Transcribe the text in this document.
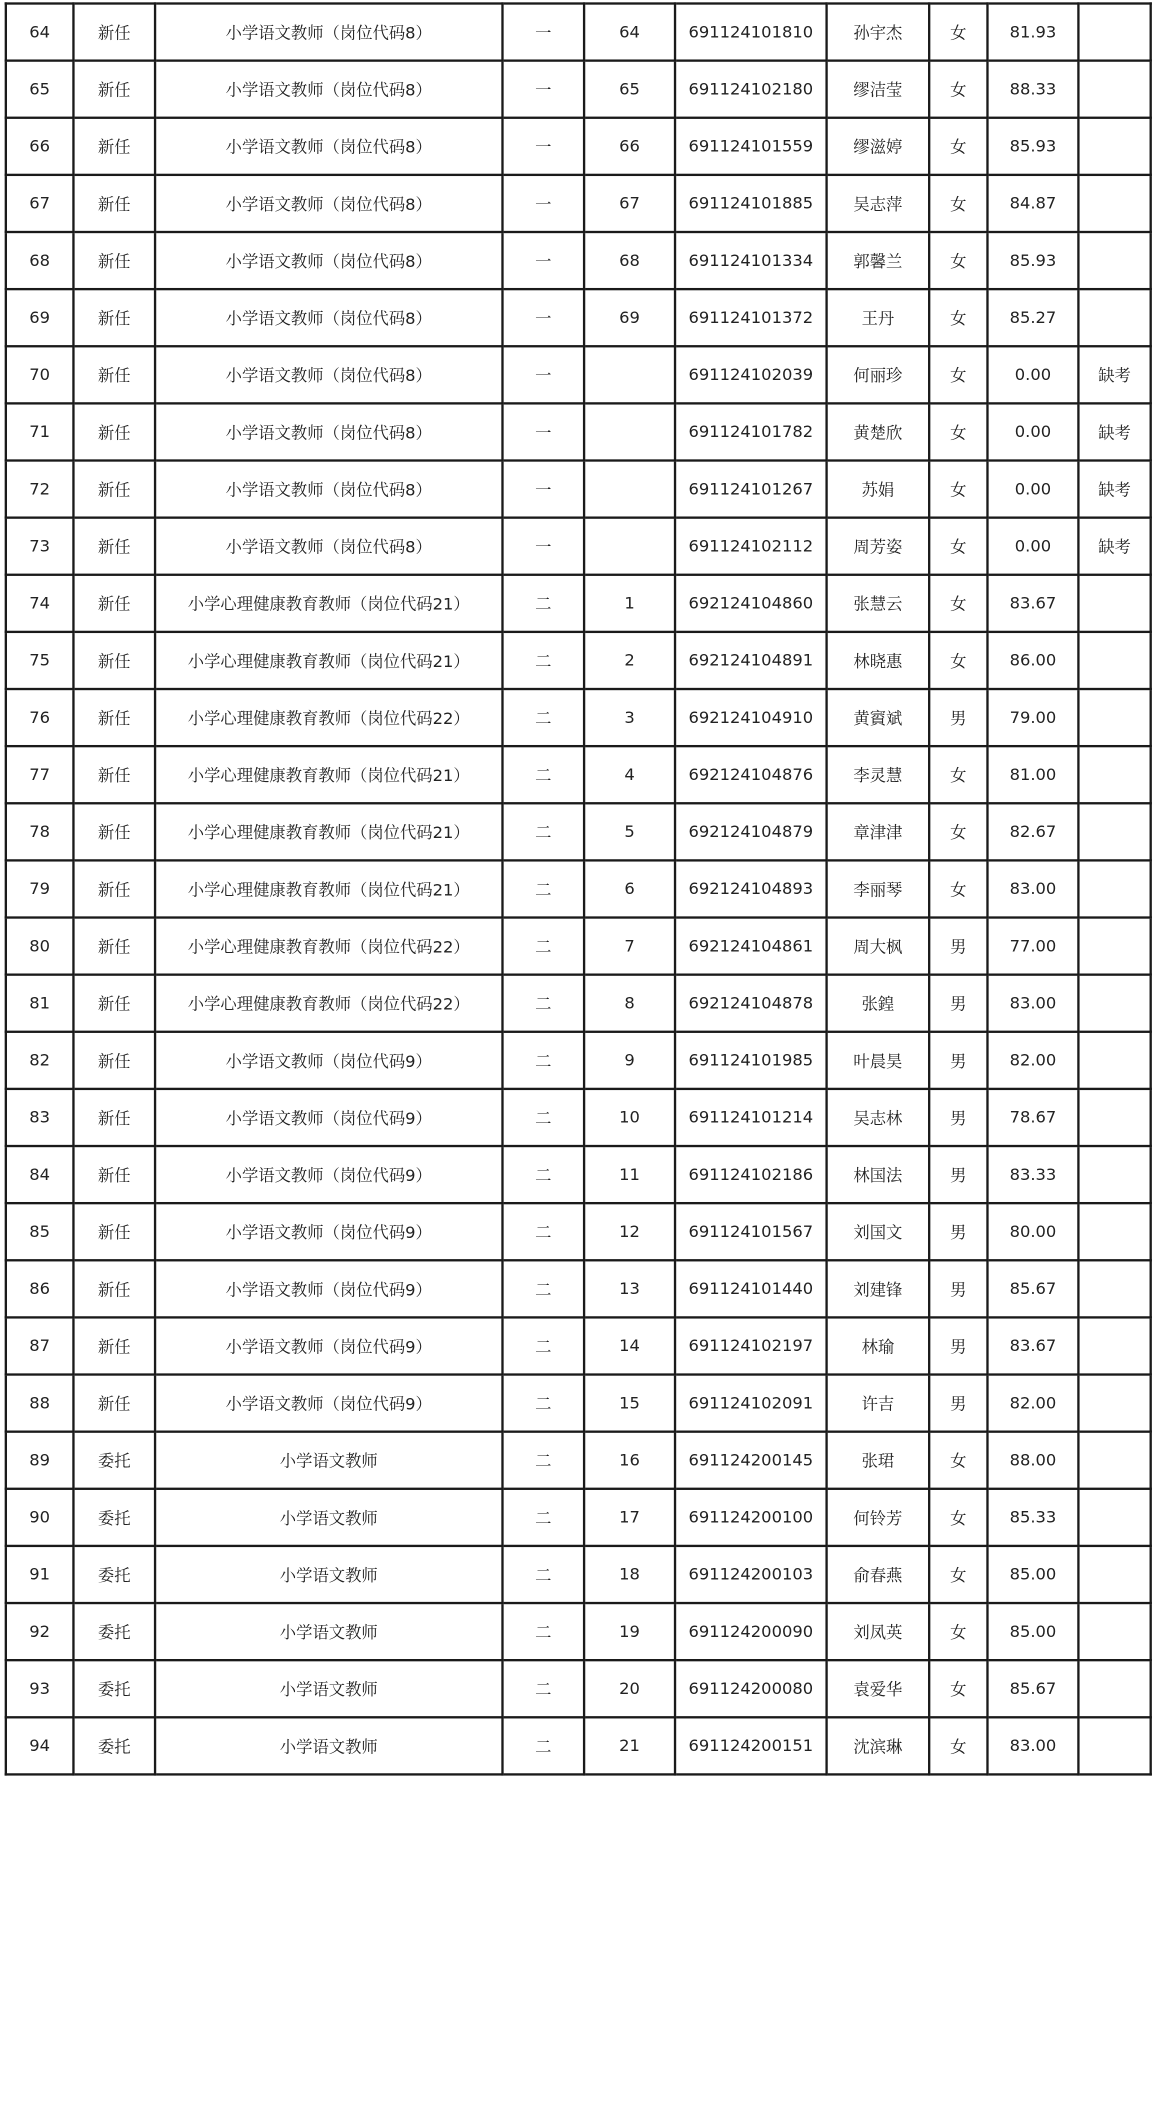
64	新任	小学语文教师（岗位代码8）	一	64	691124101810	孙宇杰	女	81.93	
65	新任	小学语文教师（岗位代码8）	一	65	691124102180	缪洁莹	女	88.33	
66	新任	小学语文教师（岗位代码8）	一	66	691124101559	缪滋婷	女	85.93	
67	新任	小学语文教师（岗位代码8）	一	67	691124101885	吴志萍	女	84.87	
68	新任	小学语文教师（岗位代码8）	一	68	691124101334	郭馨兰	女	85.93	
69	新任	小学语文教师（岗位代码8）	一	69	691124101372	王丹	女	85.27	
70	新任	小学语文教师（岗位代码8）	一		691124102039	何丽珍	女	0.00	缺考
71	新任	小学语文教师（岗位代码8）	一		691124101782	黄楚欣	女	0.00	缺考
72	新任	小学语文教师（岗位代码8）	一		691124101267	苏娟	女	0.00	缺考
73	新任	小学语文教师（岗位代码8）	一		691124102112	周芳姿	女	0.00	缺考
74	新任	小学心理健康教育教师（岗位代码21）	二	1	692124104860	张慧云	女	83.67	
75	新任	小学心理健康教育教师（岗位代码21）	二	2	692124104891	林晓惠	女	86.00	
76	新任	小学心理健康教育教师（岗位代码22）	二	3	692124104910	黄賨斌	男	79.00	
77	新任	小学心理健康教育教师（岗位代码21）	二	4	692124104876	李灵慧	女	81.00	
78	新任	小学心理健康教育教师（岗位代码21）	二	5	692124104879	章津津	女	82.67	
79	新任	小学心理健康教育教师（岗位代码21）	二	6	692124104893	李丽琴	女	83.00	
80	新任	小学心理健康教育教师（岗位代码22）	二	7	692124104861	周大枫	男	77.00	
81	新任	小学心理健康教育教师（岗位代码22）	二	8	692124104878	张鍠	男	83.00	
82	新任	小学语文教师（岗位代码9）	二	9	691124101985	叶晨昊	男	82.00	
83	新任	小学语文教师（岗位代码9）	二	10	691124101214	吴志林	男	78.67	
84	新任	小学语文教师（岗位代码9）	二	11	691124102186	林国法	男	83.33	
85	新任	小学语文教师（岗位代码9）	二	12	691124101567	刘国文	男	80.00	
86	新任	小学语文教师（岗位代码9）	二	13	691124101440	刘建锋	男	85.67	
87	新任	小学语文教师（岗位代码9）	二	14	691124102197	林瑜	男	83.67	
88	新任	小学语文教师（岗位代码9）	二	15	691124102091	许吉	男	82.00	
89	委托	小学语文教师	二	16	691124200145	张珺	女	88.00	
90	委托	小学语文教师	二	17	691124200100	何铃芳	女	85.33	
91	委托	小学语文教师	二	18	691124200103	俞春燕	女	85.00	
92	委托	小学语文教师	二	19	691124200090	刘凤英	女	85.00	
93	委托	小学语文教师	二	20	691124200080	袁爱华	女	85.67	
94	委托	小学语文教师	二	21	691124200151	沈滨琳	女	83.00	
